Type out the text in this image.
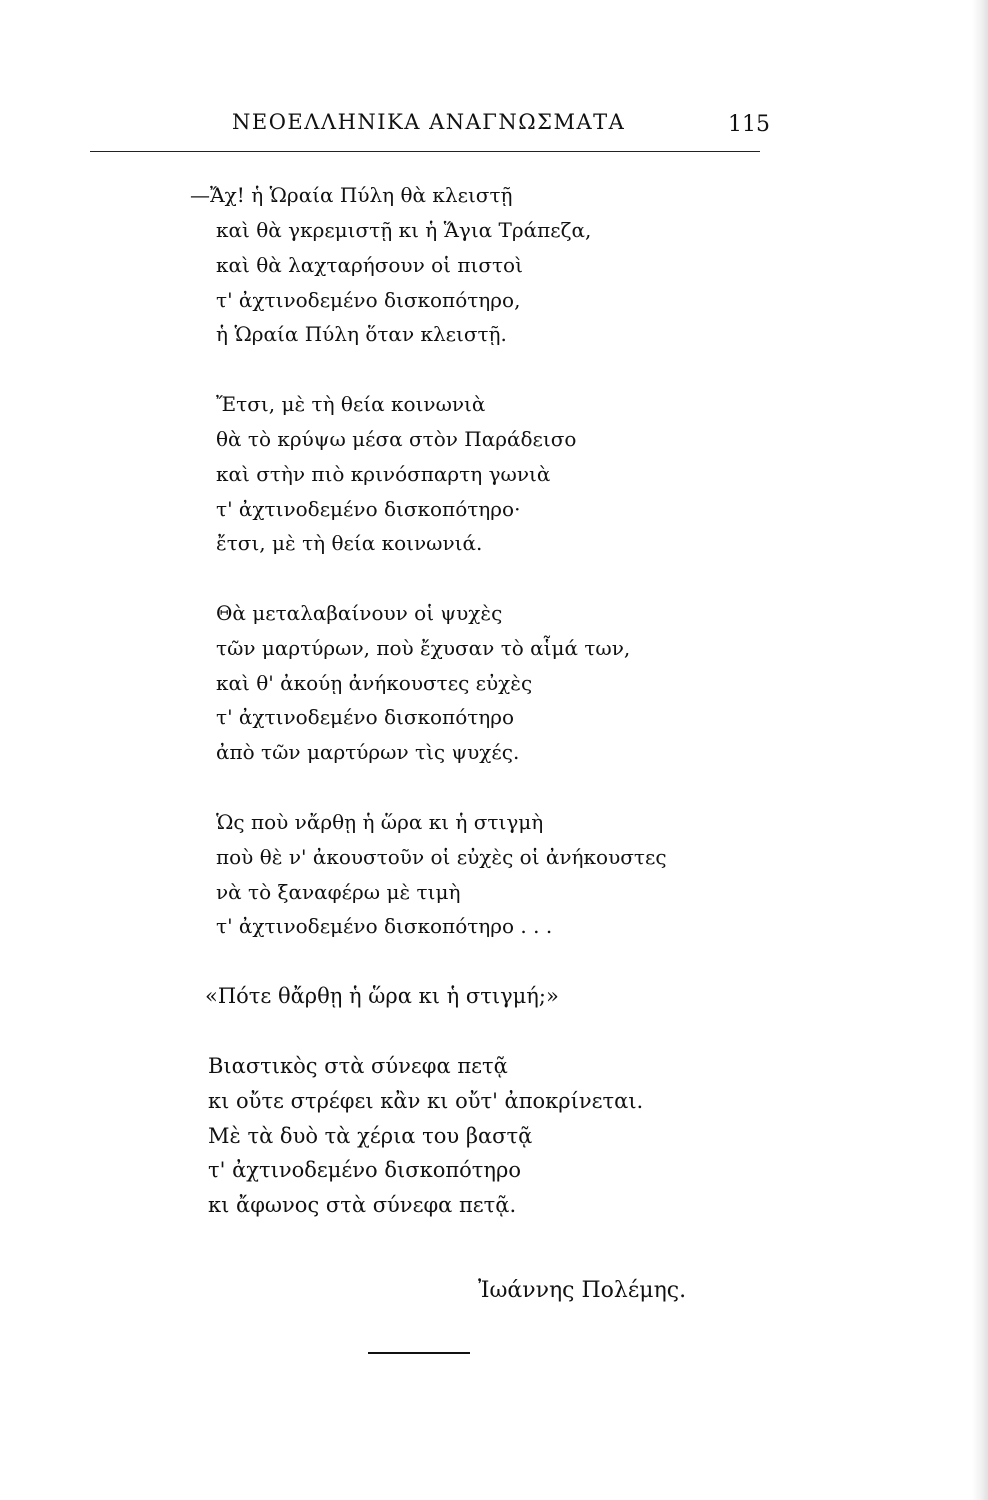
ΝΕΟΕΛΛΗΝΙΚΑ ΑΝΑΓΝΩΣΜΑΤΑ	115
—Ἄχ! ἡ Ὡραία Πύλη θὰ κλειστῇ
καὶ θὰ γκρεμιστῇ κι ἡ Ἅγια Τράπεζα,
καὶ θὰ λαχταρήσουν οἱ πιστοὶ
τ' ἀχτινοδεμένο δισκοπότηρο,
ἡ Ὡραία Πύλη ὅταν κλειστῇ.
Ἔτσι, μὲ τὴ θεία κοινωνιὰ
θὰ τὸ κρύψω μέσα στὸν Παράδεισο
καὶ στὴν πιὸ κρινόσπαρτη γωνιὰ
τ' ἀχτινοδεμένο δισκοπότηρο·
ἔτσι, μὲ τὴ θεία κοινωνιά.
Θὰ μεταλαβαίνουν οἱ ψυχὲς
τῶν μαρτύρων, ποὺ ἔχυσαν τὸ αἷμά των,
καὶ θ' ἀκούῃ ἀνήκουστες εὐχὲς
τ' ἀχτινοδεμένο δισκοπότηρο
ἀπὸ τῶν μαρτύρων τὶς ψυχές.
Ὡς ποὺ νἄρθῃ ἡ ὥρα κι ἡ στιγμὴ
ποὺ θὲ ν' ἀκουστοῦν οἱ εὐχὲς οἱ ἀνήκουστες
νὰ τὸ ξαναφέρω μὲ τιμὴ
τ' ἀχτινοδεμένο δισκοπότηρο . . .
«Πότε θἄρθῃ ἡ ὥρα κι ἡ στιγμή;»
Βιαστικὸς στὰ σύνεφα πετᾷ
κι οὔτε στρέφει κἂν κι οὔτ' ἀποκρίνεται.
Μὲ τὰ δυὸ τὰ χέρια του βαστᾷ
τ' ἀχτινοδεμένο δισκοπότηρο
κι ἄφωνος στὰ σύνεφα πετᾷ.
Ἰωάννης Πολέμης.
